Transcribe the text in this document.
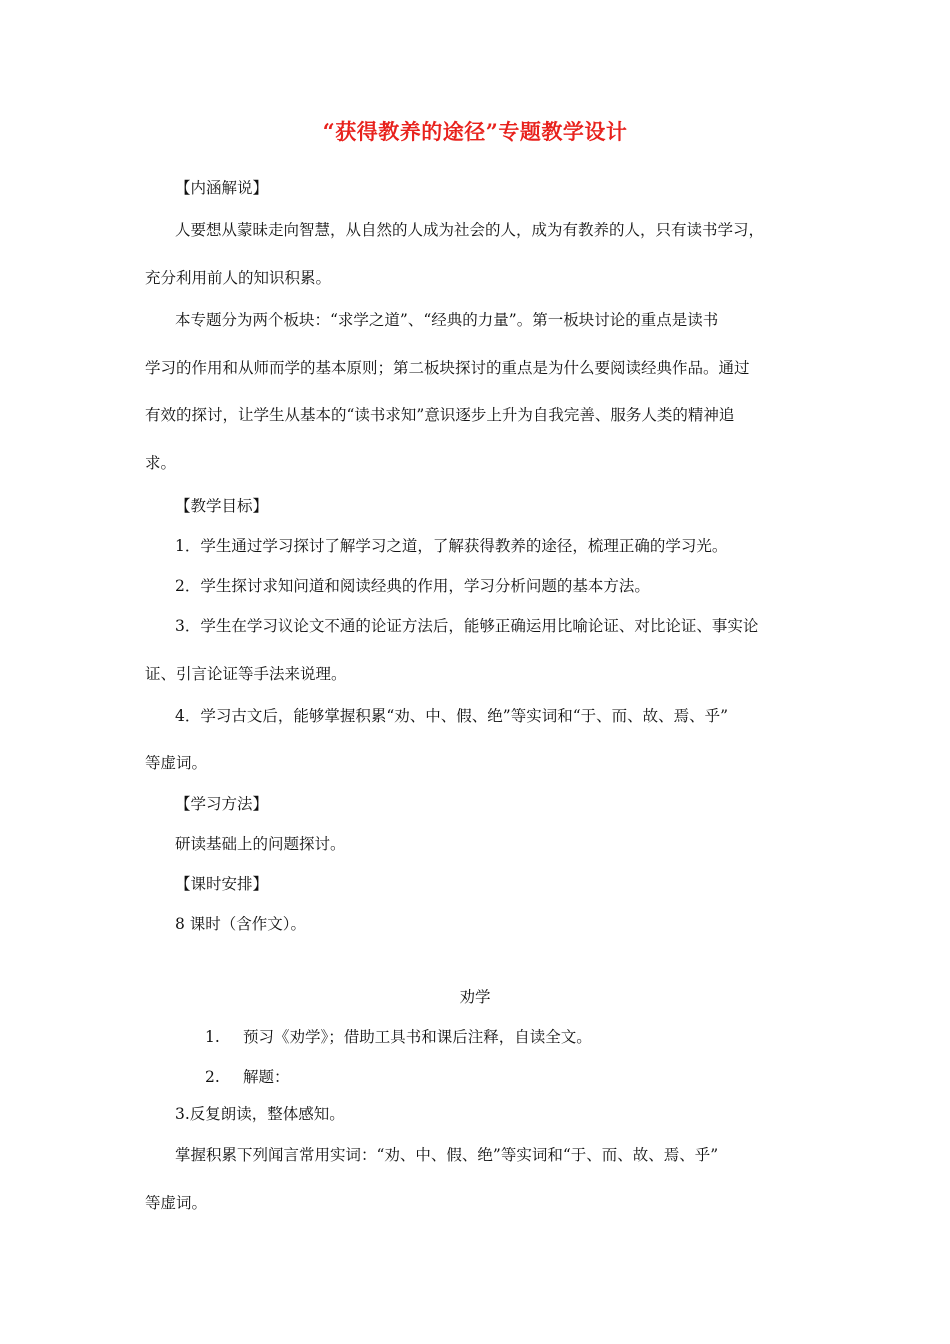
“获得教养的途径”专题教学设计
【内涵解说】
人要想从蒙昧走向智慧，从自然的人成为社会的人，成为有教养的人，只有读书学习，
充分利用前人的知识积累。
本专题分为两个板块：“求学之道”、“经典的力量”。第一板块讨论的重点是读书
学习的作用和从师而学的基本原则；第二板块探讨的重点是为什么要阅读经典作品。通过
有效的探讨，让学生从基本的“读书求知”意识逐步上升为自我完善、服务人类的精神追
求。
【教学目标】
1．学生通过学习探讨了解学习之道，了解获得教养的途径，梳理正确的学习光。
2．学生探讨求知问道和阅读经典的作用，学习分析问题的基本方法。
3．学生在学习议论文不通的论证方法后，能够正确运用比喻论证、对比论证、事实论
证、引言论证等手法来说理。
4．学习古文后，能够掌握积累“劝、中、假、绝”等实词和“于、而、故、焉、乎”
等虚词。
【学习方法】
研读基础上的问题探讨。
【课时安排】
8 课时（含作文）。
劝学
1. 预习《劝学》；借助工具书和课后注释，自读全文。
2. 解题：
3.反复朗读，整体感知。
掌握积累下列闻言常用实词：“劝、中、假、绝”等实词和“于、而、故、焉、乎”
等虚词。
